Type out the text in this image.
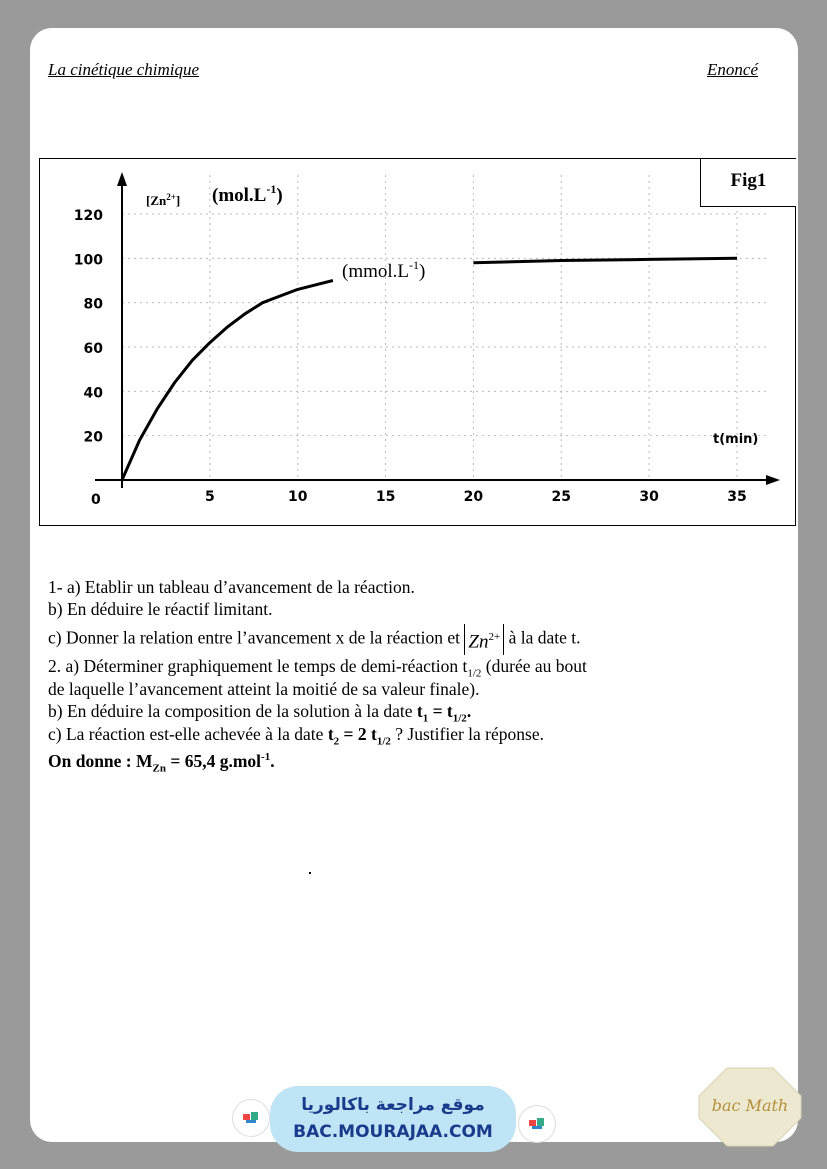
La cinétique chimique	Enoncé
5	10	15	20	25	30	35
20
40
60
80
100
120
$[Zn^{2+}]$ $(mol.L^{-1})$
$(mmol.L^{-1})$
t(min)
0
Fig1
1- a) Etablir un tableau d’avancement de la réaction.
b) En déduire le réactif limitant.
c) Donner la relation entre l’avancement x de la réaction et $Zn^{2+}$ à la date t.
2. a) Déterminer graphiquement le temps de demi-réaction $t_{1/2}$ (durée au bout
de laquelle l’avancement atteint la moitié de sa valeur finale).
b) En déduire la composition de la solution à la date $t_1 = t_{1/2}$.
c) La réaction est-elle achevée à la date $t_2 = 2$ $t_{1/2}$ ? Justifier la réponse.
On donne : $M_{Zn} = 65,4$ g.mol$^{-1}$.
موقع مراجعة باكالوريا
BAC.MOURAJAA.COM
bac Math
